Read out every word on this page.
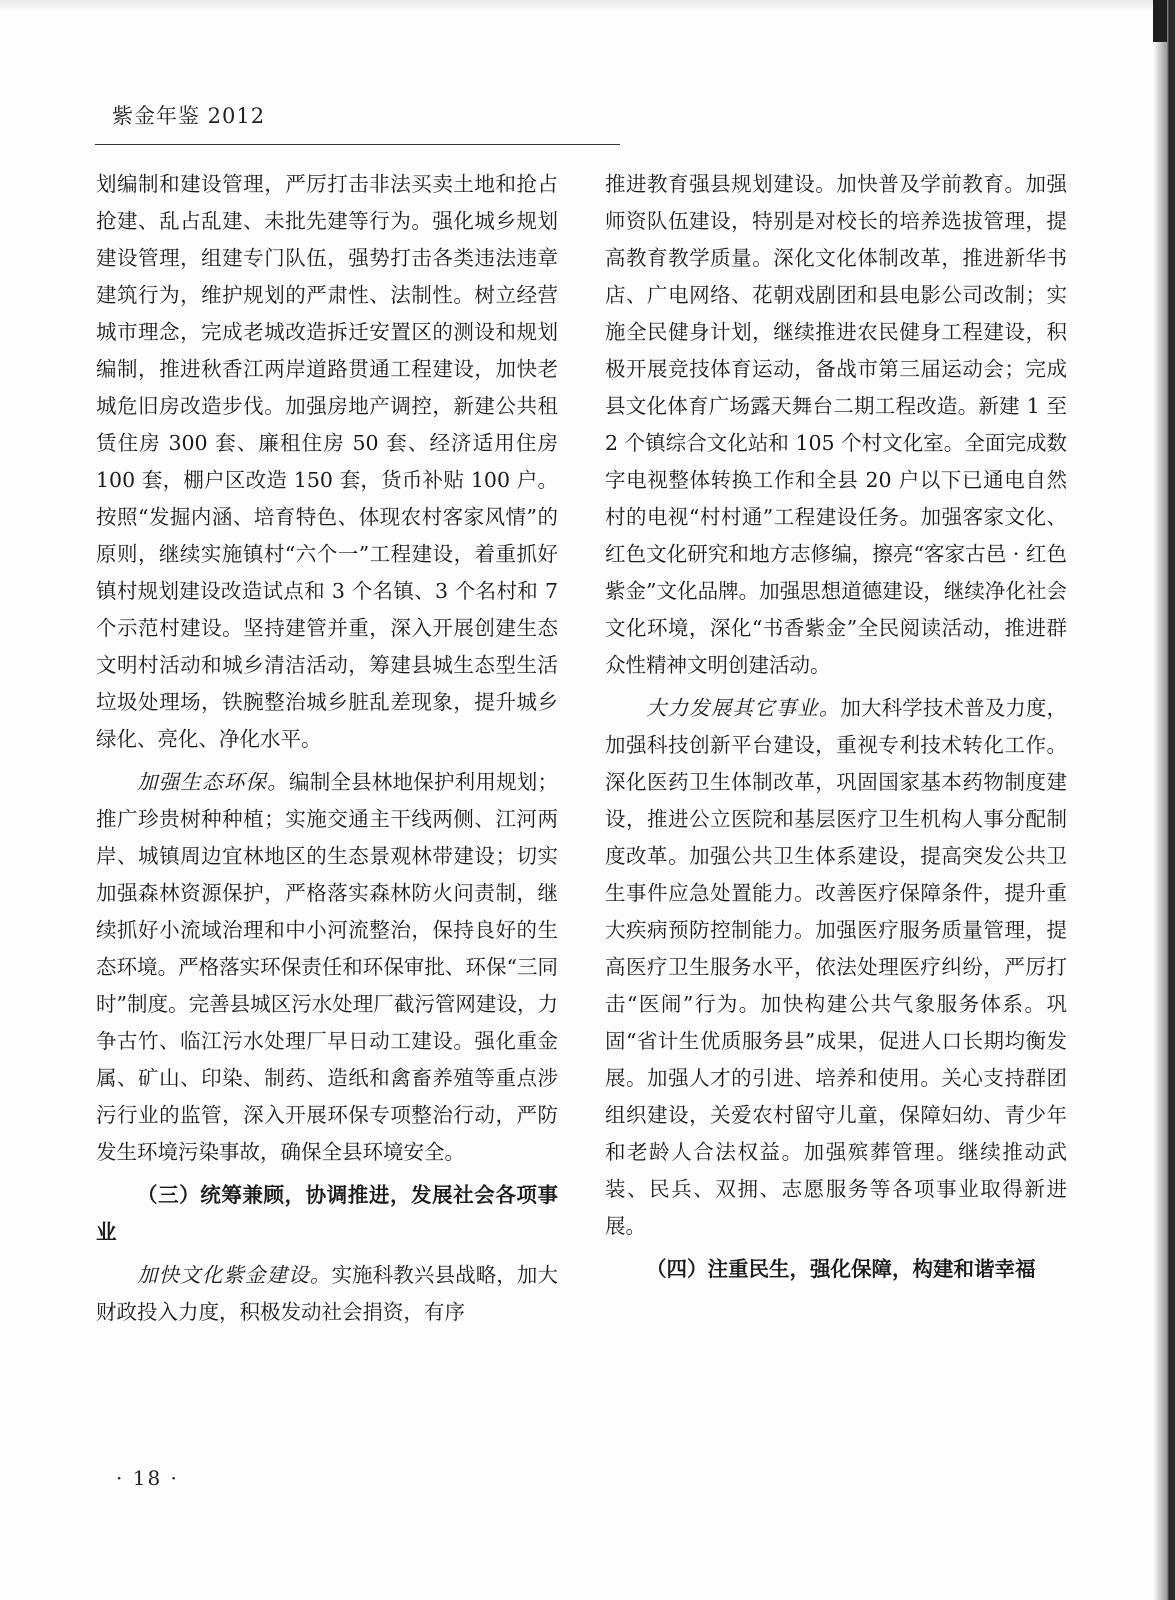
紫金年鉴 2012

划编制和建设管理，严厉打击非法买卖土地和抢占抢建、乱占乱建、未批先建等行为。强化城乡规划建设管理，组建专门队伍，强势打击各类违法违章建筑行为，维护规划的严肃性、法制性。树立经营城市理念，完成老城改造拆迁安置区的测设和规划编制，推进秋香江两岸道路贯通工程建设，加快老城危旧房改造步伐。加强房地产调控，新建公共租赁住房 300 套、廉租住房 50 套、经济适用住房 100 套，棚户区改造 150 套，货币补贴 100 户。按照“发掘内涵、培育特色、体现农村客家风情”的原则，继续实施镇村“六个一”工程建设，着重抓好镇村规划建设改造试点和 3 个名镇、3 个名村和 7 个示范村建设。坚持建管并重，深入开展创建生态文明村活动和城乡清洁活动，筹建县城生态型生活垃圾处理场，铁腕整治城乡脏乱差现象，提升城乡绿化、亮化、净化水平。

加强生态环保。编制全县林地保护利用规划；推广珍贵树种种植；实施交通主干线两侧、江河两岸、城镇周边宜林地区的生态景观林带建设；切实加强森林资源保护，严格落实森林防火问责制，继续抓好小流域治理和中小河流整治，保持良好的生态环境。严格落实环保责任和环保审批、环保“三同时”制度。完善县城区污水处理厂截污管网建设，力争古竹、临江污水处理厂早日动工建设。强化重金属、矿山、印染、制药、造纸和禽畜养殖等重点涉污行业的监管，深入开展环保专项整治行动，严防发生环境污染事故，确保全县环境安全。

（三）统筹兼顾，协调推进，发展社会各项事业

加快文化紫金建设。实施科教兴县战略，加大财政投入力度，积极发动社会捐资，有序

推进教育强县规划建设。加快普及学前教育。加强师资队伍建设，特别是对校长的培养选拔管理，提高教育教学质量。深化文化体制改革，推进新华书店、广电网络、花朝戏剧团和县电影公司改制；实施全民健身计划，继续推进农民健身工程建设，积极开展竞技体育运动，备战市第三届运动会；完成县文化体育广场露天舞台二期工程改造。新建 1 至 2 个镇综合文化站和 105 个村文化室。全面完成数字电视整体转换工作和全县 20 户以下已通电自然村的电视“村村通”工程建设任务。加强客家文化、红色文化研究和地方志修编，擦亮“客家古邑 · 红色紫金”文化品牌。加强思想道德建设，继续净化社会文化环境，深化“书香紫金”全民阅读活动，推进群众性精神文明创建活动。

大力发展其它事业。加大科学技术普及力度，加强科技创新平台建设，重视专利技术转化工作。深化医药卫生体制改革，巩固国家基本药物制度建设，推进公立医院和基层医疗卫生机构人事分配制度改革。加强公共卫生体系建设，提高突发公共卫生事件应急处置能力。改善医疗保障条件，提升重大疾病预防控制能力。加强医疗服务质量管理，提高医疗卫生服务水平，依法处理医疗纠纷，严厉打击“医闹”行为。加快构建公共气象服务体系。巩固“省计生优质服务县”成果，促进人口长期均衡发展。加强人才的引进、培养和使用。关心支持群团组织建设，关爱农村留守儿童，保障妇幼、青少年和老龄人合法权益。加强殡葬管理。继续推动武装、民兵、双拥、志愿服务等各项事业取得新进展。

（四）注重民生，强化保障，构建和谐幸福
· 18 ·
